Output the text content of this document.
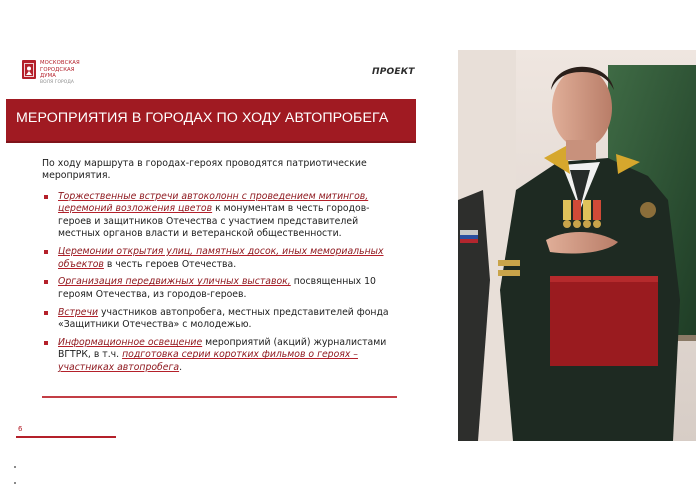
МОСКОВСКАЯ
ГОРОДСКАЯ
ДУМА
ВОЛЯ ГОРОДА
ПРОЕКТ
МЕРОПРИЯТИЯ В ГОРОДАХ ПО ХОДУ АВТОПРОБЕГА
По ходу маршрута в городах-героях проводятся патриотические мероприятия.
Торжественные встречи автоколонн с проведением митингов, церемоний возложения цветов к монументам в честь городов-героев и защитников Отечества с участием представителей местных органов власти и ветеранской общественности.
Церемонии открытия улиц, памятных досок, иных мемориальных объектов в честь героев Отечества.
Организация передвижных уличных выставок, посвященных 10 героям Отечества, из городов-героев.
Встречи участников автопробега, местных представителей фонда «Защитники Отечества» с молодежью.
Информационное освещение мероприятий (акций) журналистами ВГТРК, в т.ч. подготовка серии коротких фильмов о героях – участниках автопробега.
6
